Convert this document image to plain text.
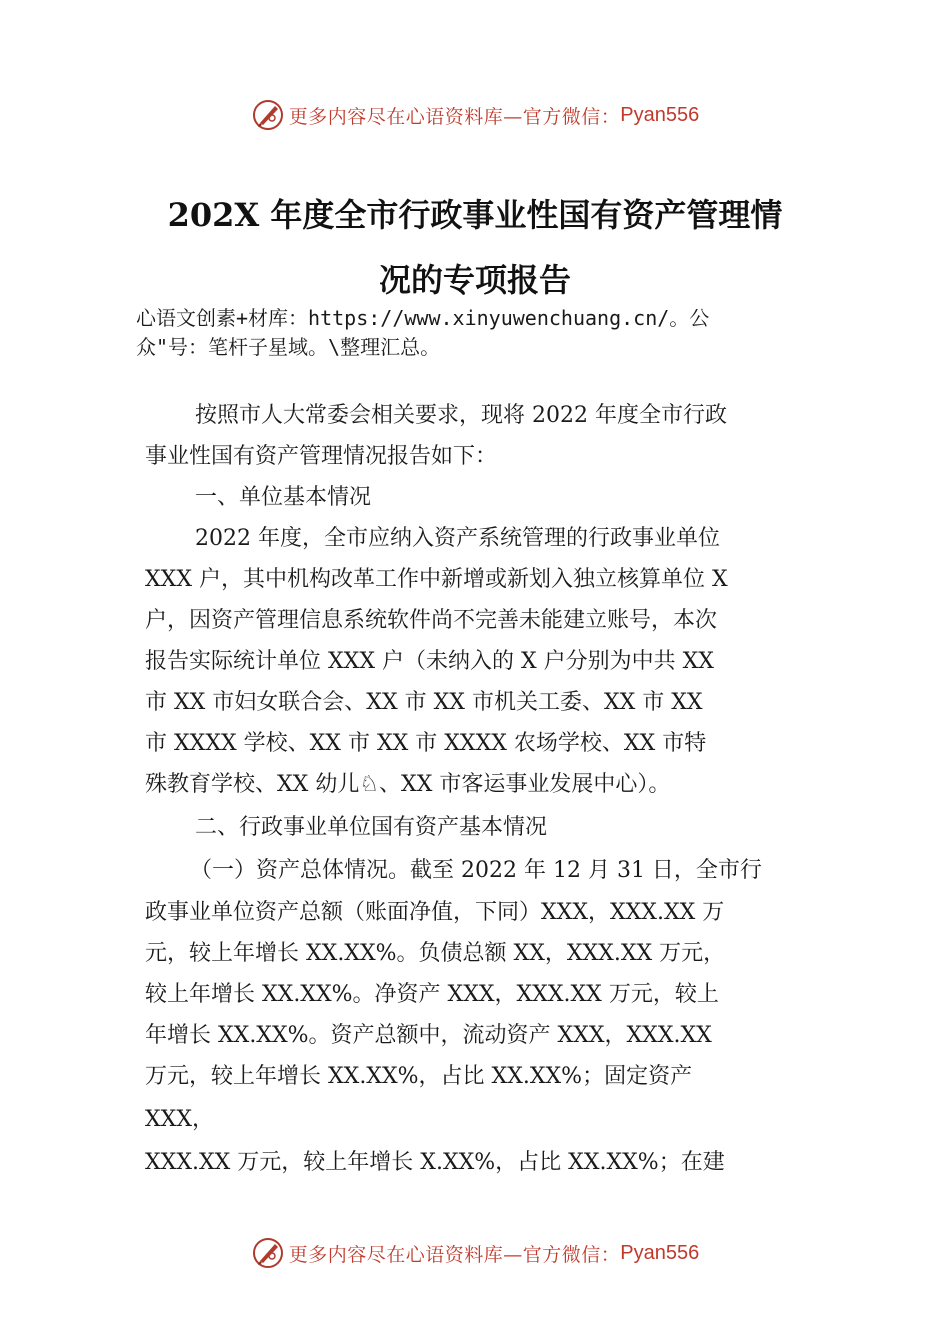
更多内容尽在心语资料库—官方微信： Pyan556
202X 年度全市行政事业性国有资产管理情
况的专项报告
心语文创素+材库：https://www.xinyuwenchuang.cn/。公
众"号：笔杆子星域。\整理汇总。
按照市人大常委会相关要求，现将 2022 年度全市行政
事业性国有资产管理情况报告如下：
一、单位基本情况
2022 年度，全市应纳入资产系统管理的行政事业单位
XXX 户，其中机构改革工作中新增或新划入独立核算单位 X
户，因资产管理信息系统软件尚不完善未能建立账号，本次
报告实际统计单位 XXX 户（未纳入的 X 户分别为中共 XX
市 XX 市妇女联合会、XX 市 XX 市机关工委、XX 市 XX
市 XXXX 学校、XX 市 XX 市 XXXX 农场学校、XX 市特
殊教育学校、XX 幼儿♘、XX 市客运事业发展中心）。
二、行政事业单位国有资产基本情况
（一）资产总体情况。截至 2022 年 12 月 31 日，全市行
政事业单位资产总额（账面净值，下同）XXX，XXX.XX 万
元，较上年增长 XX.XX%。负债总额 XX，XXX.XX 万元，
较上年增长 XX.XX%。净资产 XXX，XXX.XX 万元，较上
年增长 XX.XX%。资产总额中，流动资产 XXX，XXX.XX
万元，较上年增长 XX.XX%，占比 XX.XX%；固定资产
XXX，
XXX.XX 万元，较上年增长 X.XX%，占比 XX.XX%；在建
更多内容尽在心语资料库—官方微信： Pyan556
